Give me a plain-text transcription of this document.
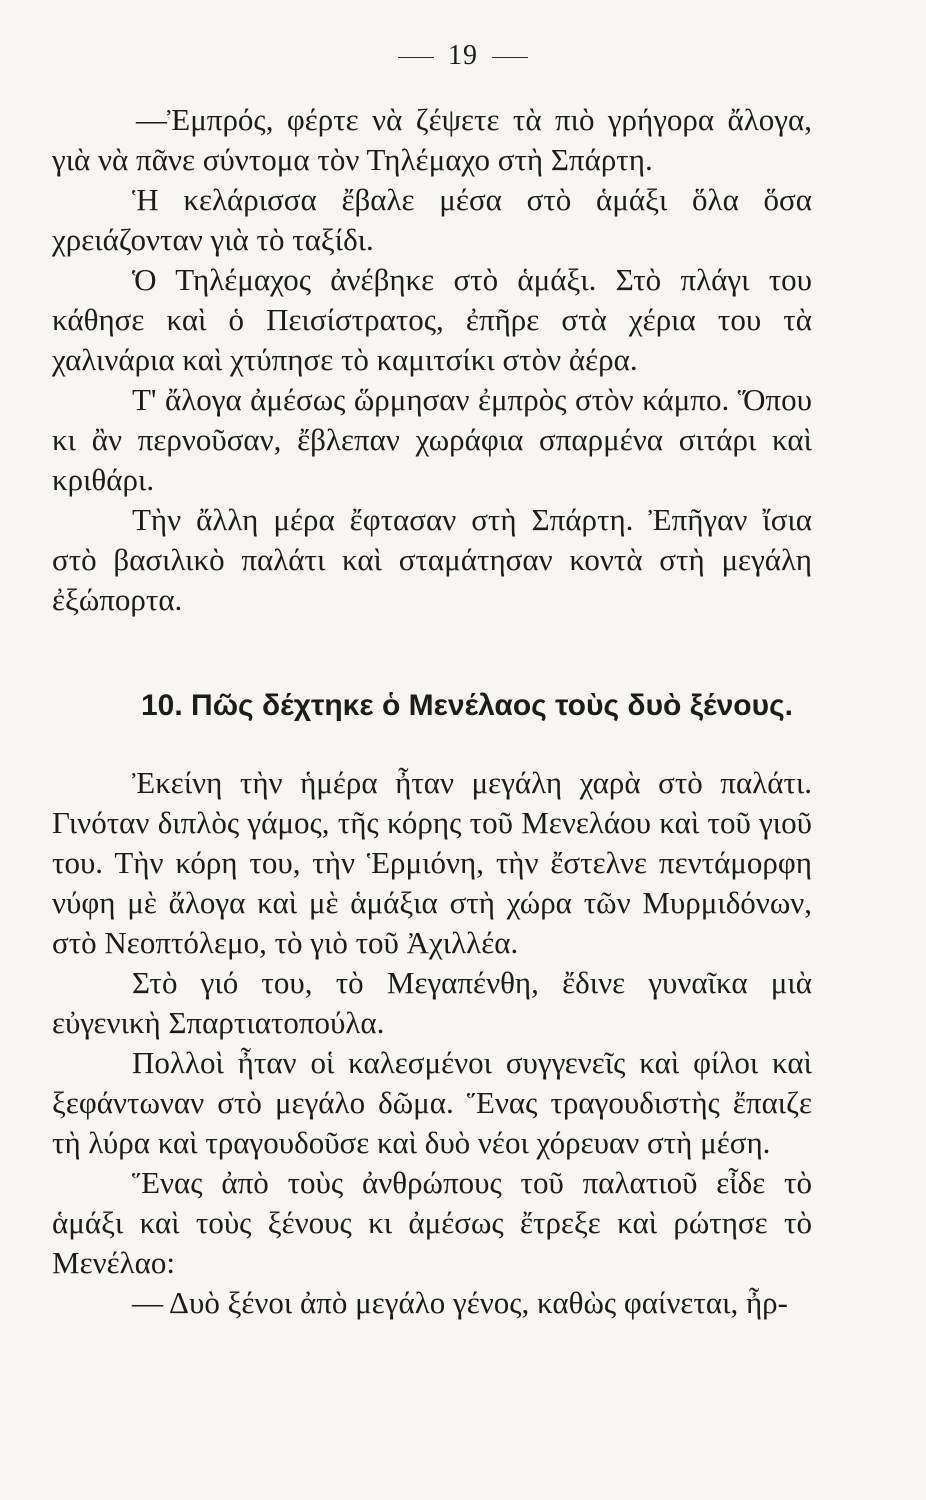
19

—Ἐμπρός, φέρτε νὰ ζέψετε τὰ πιὸ γρήγορα ἄλογα, γιὰ νὰ πᾶνε σύντομα τὸν Τηλέμαχο στὴ Σπάρτη.

Ἡ κελάρισσα ἔβαλε μέσα στὸ ἁμάξι ὅλα ὅσα χρειάζονταν γιὰ τὸ ταξίδι.

Ὁ Τηλέμαχος ἀνέβηκε στὸ ἁμάξι. Στὸ πλάγι του κάθησε καὶ ὁ Πεισίστρατος, ἐπῆρε στὰ χέρια του τὰ χαλινάρια καὶ χτύπησε τὸ καμιτσίκι στὸν ἀέρα.

Τ' ἄλογα ἀμέσως ὥρμησαν ἐμπρὸς στὸν κάμπο. Ὅπου κι ἂν περνοῦσαν, ἔβλεπαν χωράφια σπαρμένα σιτάρι καὶ κριθάρι.

Τὴν ἄλλη μέρα ἔφτασαν στὴ Σπάρτη. Ἐπῆγαν ἴσια στὸ βασιλικὸ παλάτι καὶ σταμάτησαν κοντὰ στὴ μεγάλη ἐξώπορτα.

10. Πῶς δέχτηκε ὁ Μενέλαος τοὺς δυὸ ξένους.

Ἐκείνη τὴν ἡμέρα ἦταν μεγάλη χαρὰ στὸ παλάτι. Γινόταν διπλὸς γάμος, τῆς κόρης τοῦ Μενελάου καὶ τοῦ γιοῦ του. Τὴν κόρη του, τὴν Ἑρμιόνη, τὴν ἔστελνε πεντάμορφη νύφη μὲ ἄλογα καὶ μὲ ἁμάξια στὴ χώρα τῶν Μυρμιδόνων, στὸ Νεοπτόλεμο, τὸ γιὸ τοῦ Ἀχιλλέα.

Στὸ γιό του, τὸ Μεγαπένθη, ἔδινε γυναῖκα μιὰ εὐγενικὴ Σπαρτιατοπούλα.

Πολλοὶ ἦταν οἱ καλεσμένοι συγγενεῖς καὶ φίλοι καὶ ξεφάντωναν στὸ μεγάλο δῶμα. Ἕνας τραγουδιστὴς ἔπαιζε τὴ λύρα καὶ τραγουδοῦσε καὶ δυὸ νέοι χόρευαν στὴ μέση.

Ἕνας ἀπὸ τοὺς ἀνθρώπους τοῦ παλατιοῦ εἶδε τὸ ἁμάξι καὶ τοὺς ξένους κι ἀμέσως ἔτρεξε καὶ ρώτησε τὸ Μενέλαο:

— Δυὸ ξένοι ἀπὸ μεγάλο γένος, καθὼς φαίνεται, ἦρ-
